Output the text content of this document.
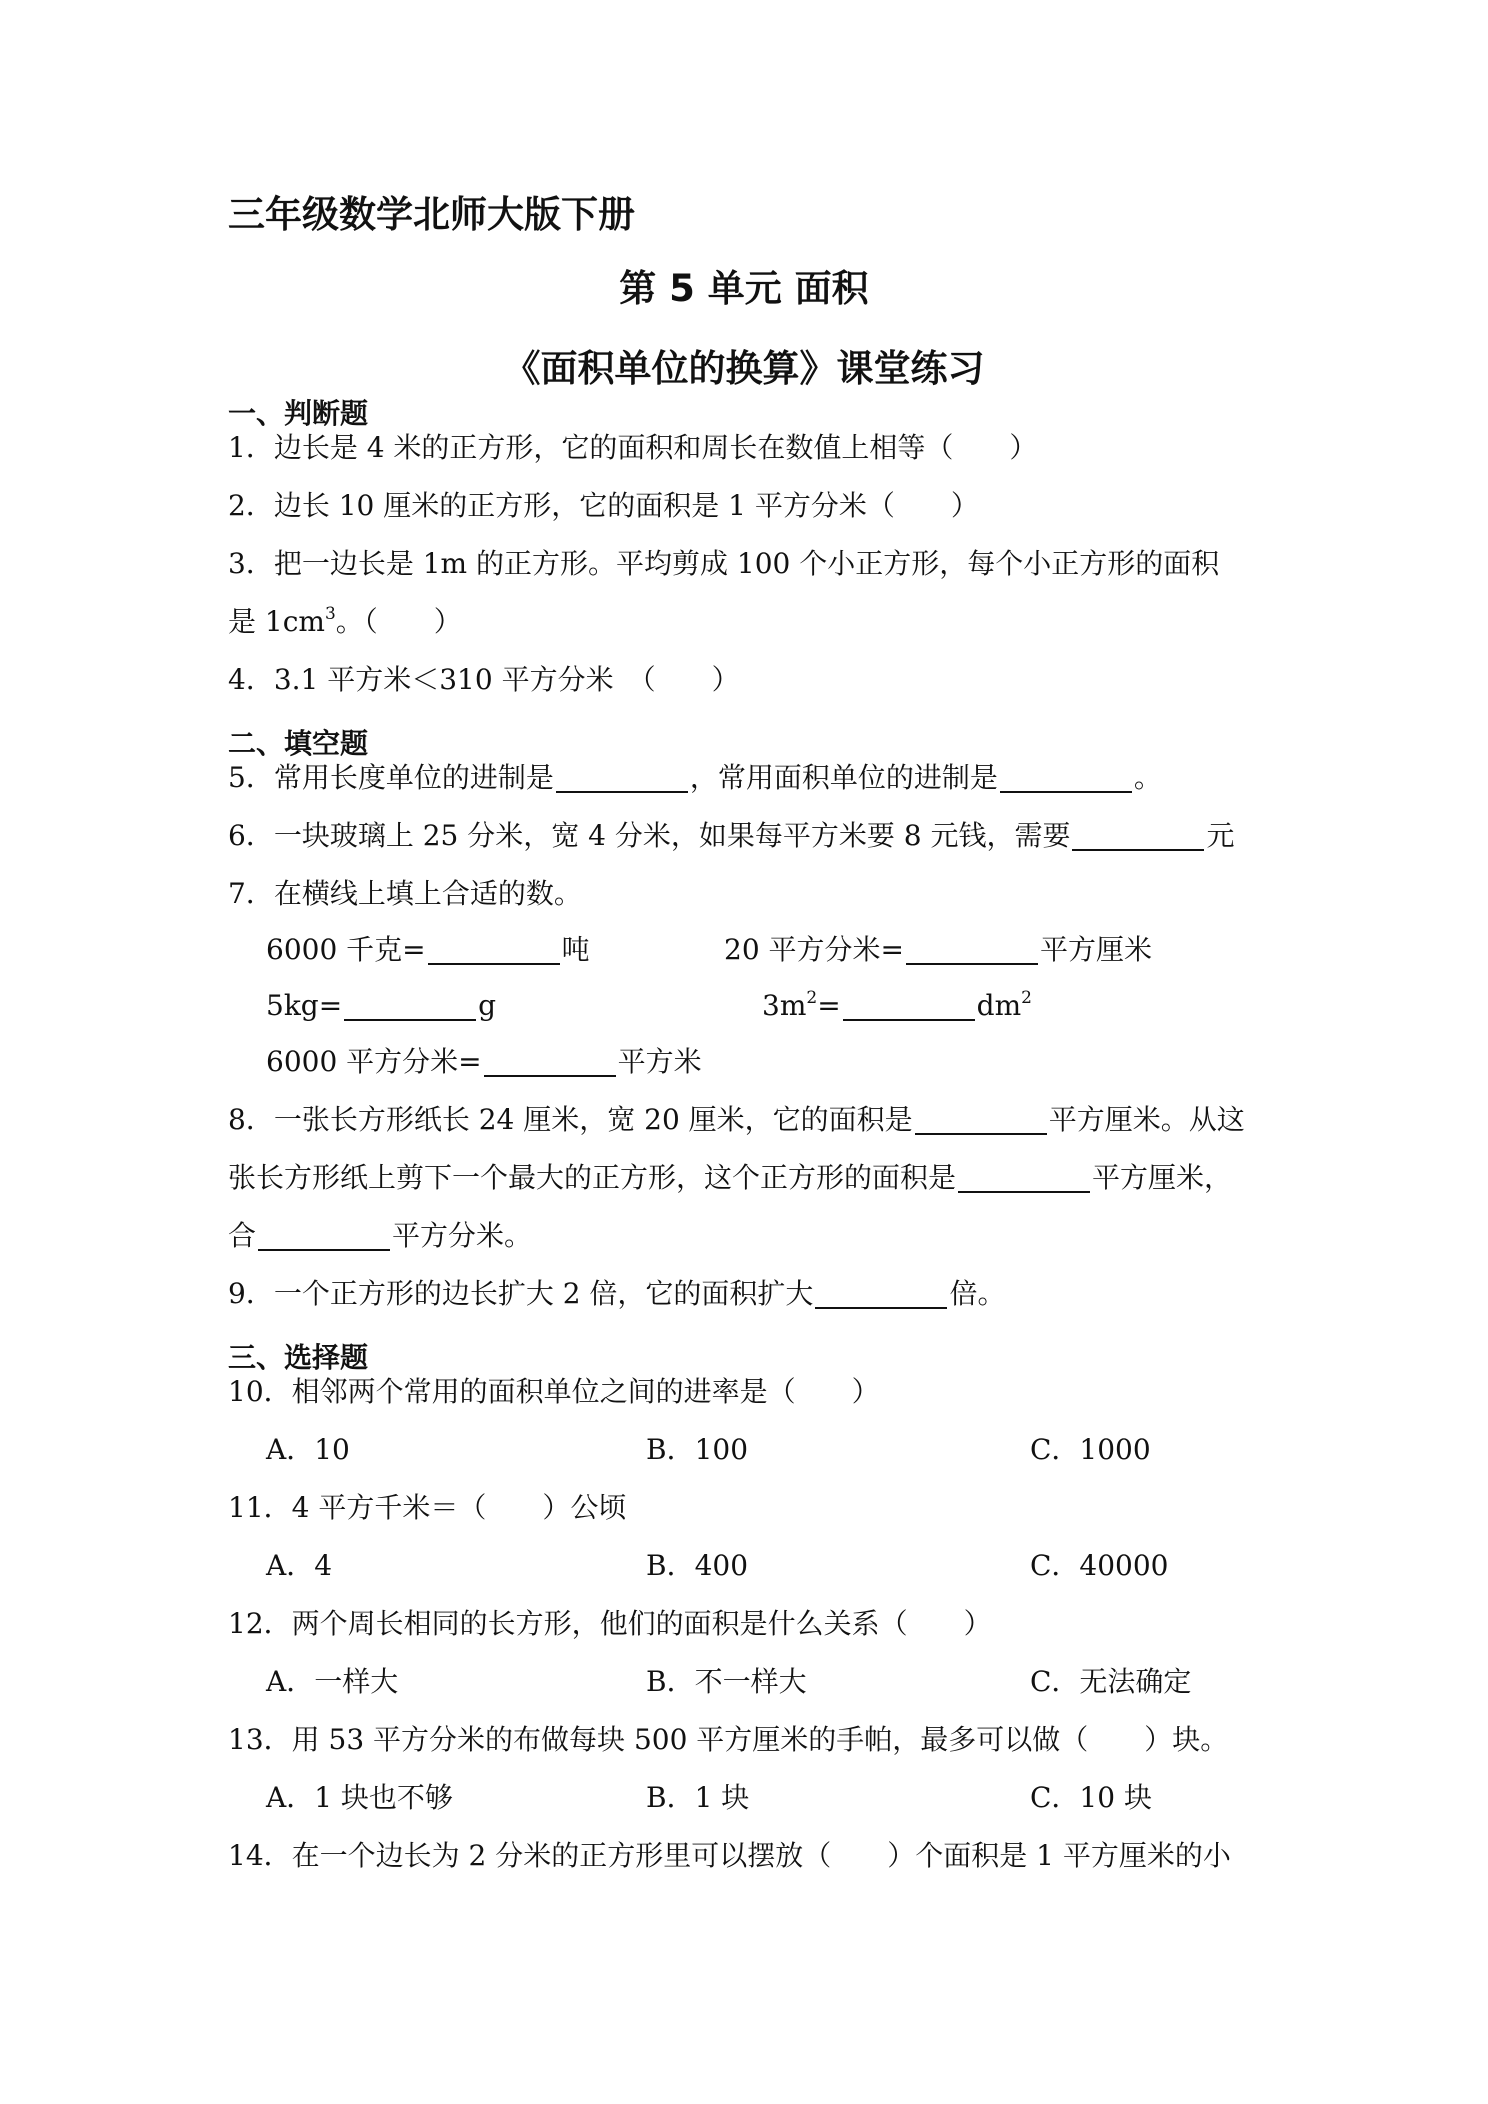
三年级数学北师大版下册
第 5 单元 面积
《面积单位的换算》课堂练习
一、判断题
1．边长是 4 米的正方形，它的面积和周长在数值上相等（　　）
2．边长 10 厘米的正方形，它的面积是 1 平方分米（　　）
3．把一边长是 1m 的正方形。平均剪成 100 个小正方形，每个小正方形的面积
是 $1cm^3$。（　　）
4．3.1 平方米＜310 平方分米　（　　）
二、填空题
5．常用长度单位的进制是	，常用面积单位的进制是	。
6．一块玻璃上 25 分米，宽 4 分米，如果每平方米要 8 元钱，需要	元
7．在横线上填上合适的数。
6000 千克=	吨	20 平方分米=	平方厘米
5kg=	g	$3m^2=$	$dm^2$
6000 平方分米=	平方米
8．一张长方形纸长 24 厘米，宽 20 厘米，它的面积是	平方厘米。从这
张长方形纸上剪下一个最大的正方形，这个正方形的面积是	平方厘米，
合	平方分米。
9．一个正方形的边长扩大 2 倍，它的面积扩大	倍。
三、选择题
10．相邻两个常用的面积单位之间的进率是（　　）
A．10	B．100	C．1000
11．4 平方千米＝（　　）公顷
A．4	B．400	C．40000
12．两个周长相同的长方形，他们的面积是什么关系（　　）
A．一样大	B．不一样大	C．无法确定
13．用 53 平方分米的布做每块 500 平方厘米的手帕，最多可以做（　　）块。
A．1 块也不够	B．1 块	C．10 块
14．在一个边长为 2 分米的正方形里可以摆放（　　）个面积是 1 平方厘米的小
